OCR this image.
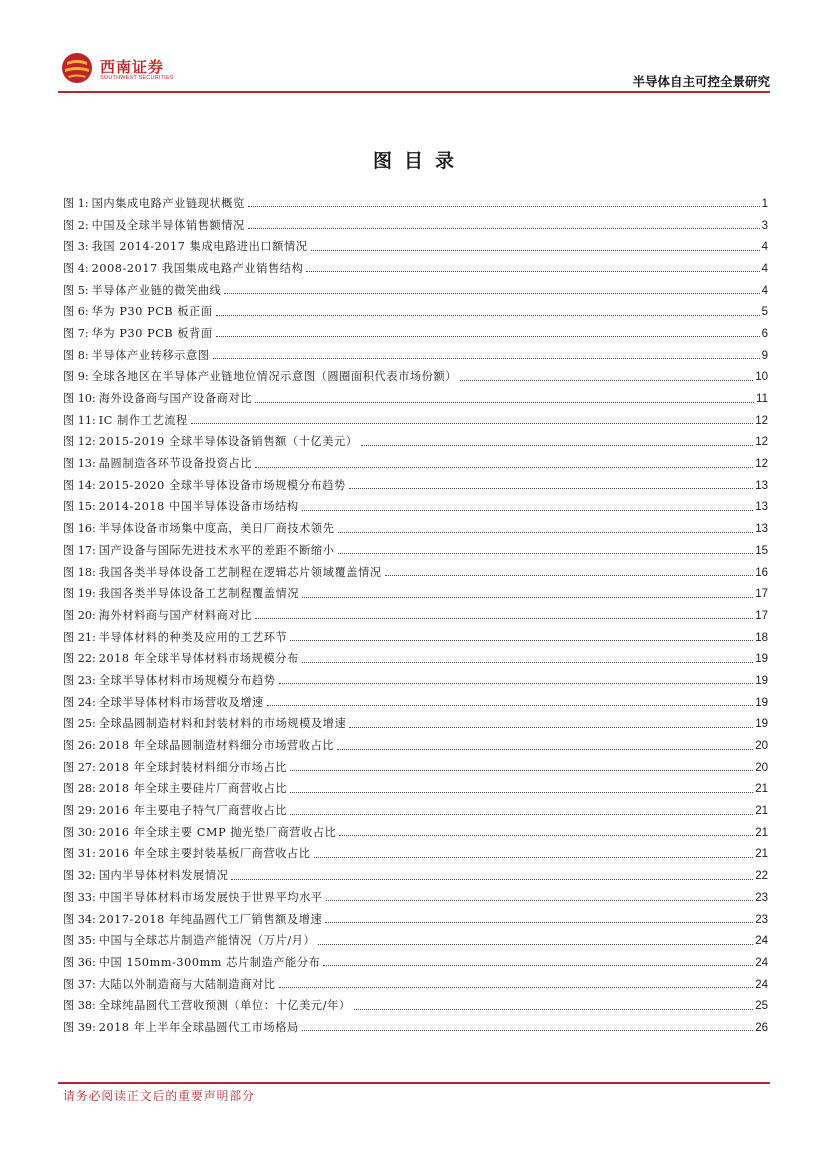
西南证券
SOUTHWEST SECURITIES	半导体自主可控全景研究
图目录
图 1: 国内集成电路产业链现状概览	1
图 2: 中国及全球半导体销售额情况	3
图 3: 我国 2014-2017 集成电路进出口额情况	4
图 4: 2008-2017 我国集成电路产业销售结构	4
图 5: 半导体产业链的微笑曲线	4
图 6: 华为 P30 PCB 板正面	5
图 7: 华为 P30 PCB 板背面	6
图 8: 半导体产业转移示意图	9
图 9: 全球各地区在半导体产业链地位情况示意图（圆圈面积代表市场份额）	10
图 10: 海外设备商与国产设备商对比	11
图 11: IC 制作工艺流程	12
图 12: 2015-2019 全球半导体设备销售额（十亿美元）	12
图 13: 晶圆制造各环节设备投资占比	12
图 14: 2015-2020 全球半导体设备市场规模分布趋势	13
图 15: 2014-2018 中国半导体设备市场结构	13
图 16: 半导体设备市场集中度高，美日厂商技术领先	13
图 17: 国产设备与国际先进技术水平的差距不断缩小	15
图 18: 我国各类半导体设备工艺制程在逻辑芯片领域覆盖情况	16
图 19: 我国各类半导体设备工艺制程覆盖情况	17
图 20: 海外材料商与国产材料商对比	17
图 21: 半导体材料的种类及应用的工艺环节	18
图 22: 2018 年全球半导体材料市场规模分布	19
图 23: 全球半导体材料市场规模分布趋势	19
图 24: 全球半导体材料市场营收及增速	19
图 25: 全球晶圆制造材料和封装材料的市场规模及增速	19
图 26: 2018 年全球晶圆制造材料细分市场营收占比	20
图 27: 2018 年全球封装材料细分市场占比	20
图 28: 2018 年全球主要硅片厂商营收占比	21
图 29: 2016 年主要电子特气厂商营收占比	21
图 30: 2016 年全球主要 CMP 抛光垫厂商营收占比	21
图 31: 2016 年全球主要封装基板厂商营收占比	21
图 32: 国内半导体材料发展情况	22
图 33: 中国半导体材料市场发展快于世界平均水平	23
图 34: 2017-2018 年纯晶圆代工厂销售额及增速	23
图 35: 中国与全球芯片制造产能情况（万片/月）	24
图 36: 中国 150mm-300mm 芯片制造产能分布	24
图 37: 大陆以外制造商与大陆制造商对比	24
图 38: 全球纯晶圆代工营收预测（单位：十亿美元/年）	25
图 39: 2018 年上半年全球晶圆代工市场格局	26
请务必阅读正文后的重要声明部分
